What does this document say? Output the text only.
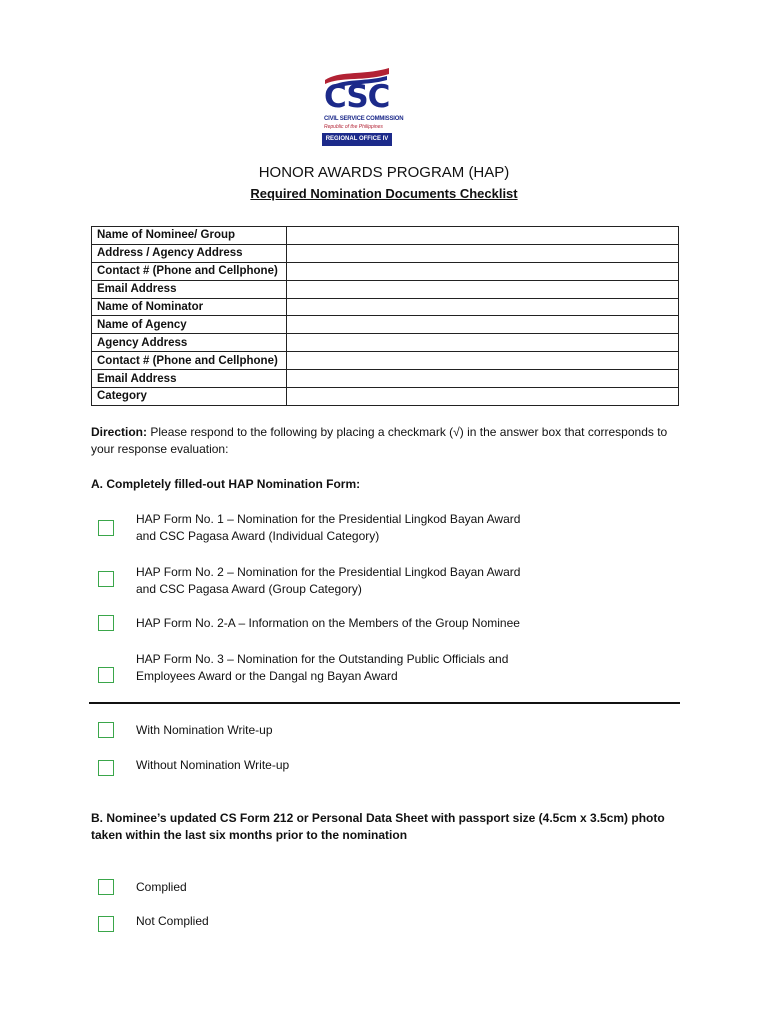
CSC
CIVIL SERVICE COMMISSION
Republic of the Philippines
REGIONAL OFFICE IV
HONOR AWARDS PROGRAM (HAP)
Required Nomination Documents Checklist
Name of Nominee/ Group	
Address / Agency Address	
Contact # (Phone and Cellphone)	
Email Address	
Name of Nominator	
Name of Agency	
Agency Address	
Contact # (Phone and Cellphone)	
Email Address	
Category	
Direction: Please respond to the following by placing a checkmark (√) in the answer box that corresponds to your response evaluation:
A. Completely filled-out HAP Nomination Form:
HAP Form No. 1 – Nomination for the Presidential Lingkod Bayan Award
and CSC Pagasa Award (Individual Category)
HAP Form No. 2 – Nomination for the Presidential Lingkod Bayan Award
and CSC Pagasa Award (Group Category)
HAP Form No. 2-A – Information on the Members of the Group Nominee
HAP Form No. 3 – Nomination for the Outstanding Public Officials and
Employees Award or the Dangal ng Bayan Award
With Nomination Write-up
Without Nomination Write-up
B. Nominee’s updated CS Form 212 or Personal Data Sheet with passport size (4.5cm x 3.5cm) photo
taken within the last six months prior to the nomination
Complied
Not Complied
